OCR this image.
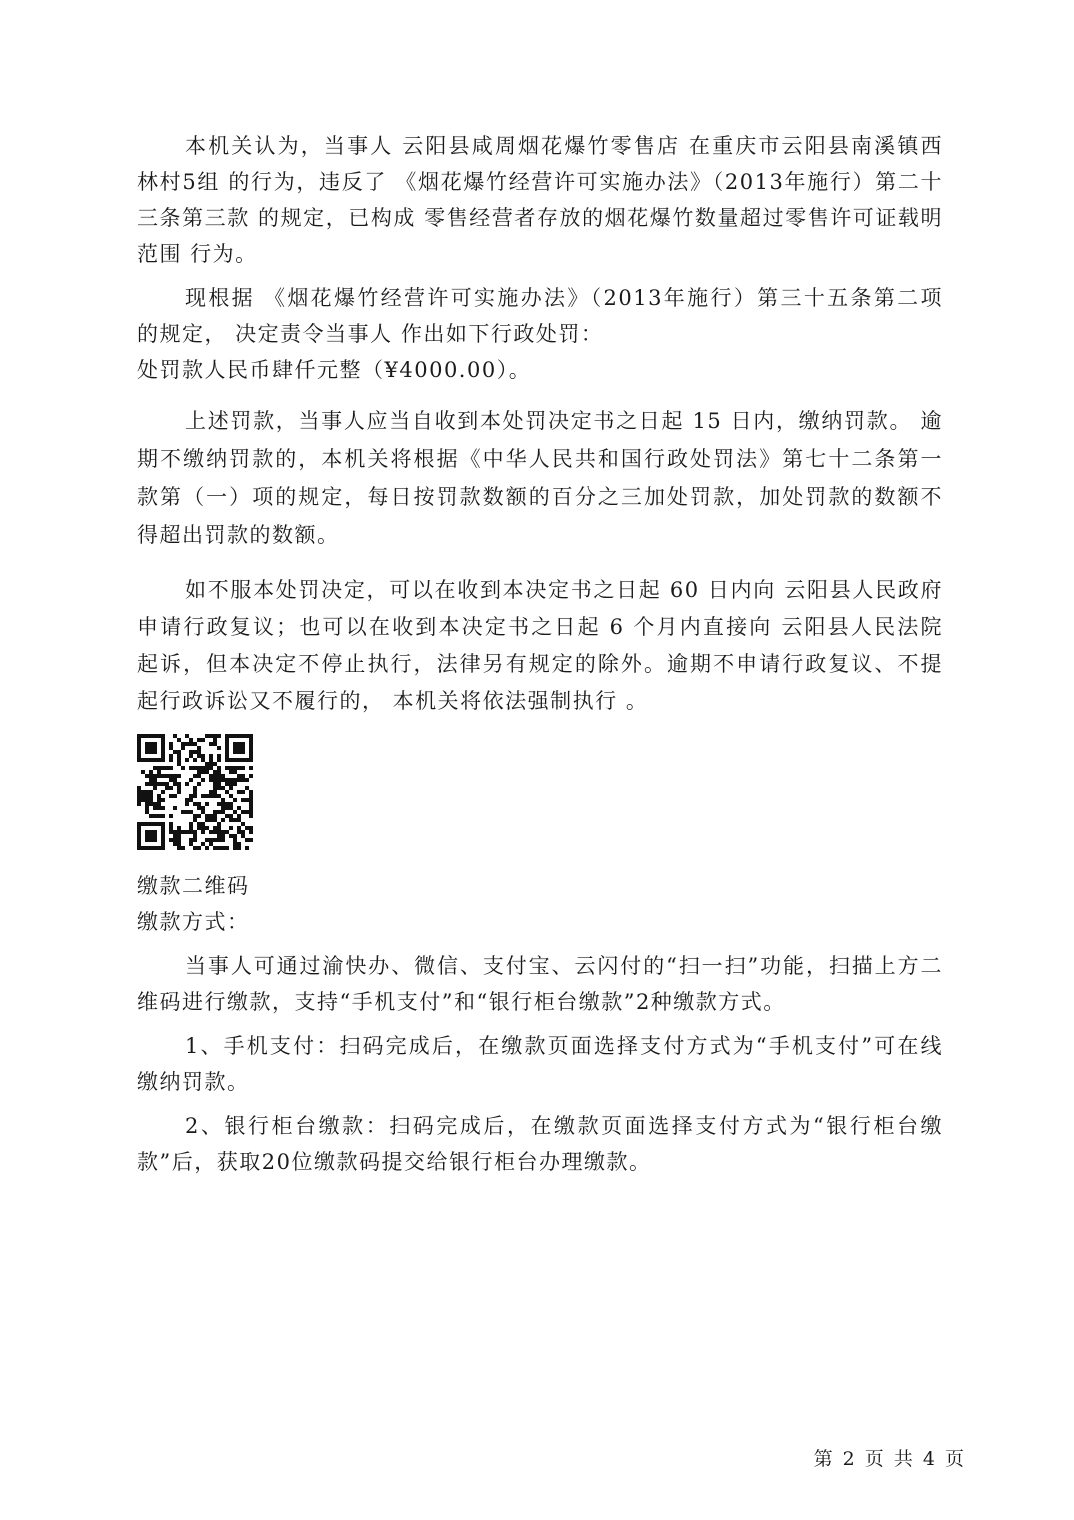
本机关认为，当事人 云阳县咸周烟花爆竹零售店 在重庆市云阳县南溪镇西林村5组 的行为，违反了 《烟花爆竹经营许可实施办法》（2013年施行）第二十三条第三款 的规定，已构成 零售经营者存放的烟花爆竹数量超过零售许可证载明范围 行为。

现根据 《烟花爆竹经营许可实施办法》（2013年施行）第三十五条第二项 的规定， 决定责令当事人 作出如下行政处罚：

处罚款人民币肆仟元整（¥4000.00）。

上述罚款，当事人应当自收到本处罚决定书之日起 15 日内，缴纳罚款。 逾期不缴纳罚款的，本机关将根据《中华人民共和国行政处罚法》第七十二条第一款第（一）项的规定，每日按罚款数额的百分之三加处罚款，加处罚款的数额不得超出罚款的数额。

如不服本处罚决定，可以在收到本决定书之日起 60 日内向 云阳县人民政府 申请行政复议；也可以在收到本决定书之日起 6 个月内直接向 云阳县人民法院 起诉，但本决定不停止执行，法律另有规定的除外。逾期不申请行政复议、不提起行政诉讼又不履行的， 本机关将依法强制执行 。

缴款二维码

缴款方式：

当事人可通过渝快办、微信、支付宝、云闪付的“扫一扫”功能，扫描上方二维码进行缴款，支持“手机支付”和“银行柜台缴款”2种缴款方式。

1、手机支付：扫码完成后，在缴款页面选择支付方式为“手机支付”可在线缴纳罚款。

2、银行柜台缴款：扫码完成后，在缴款页面选择支付方式为“银行柜台缴款”后，获取20位缴款码提交给银行柜台办理缴款。

第 2 页 共 4 页
